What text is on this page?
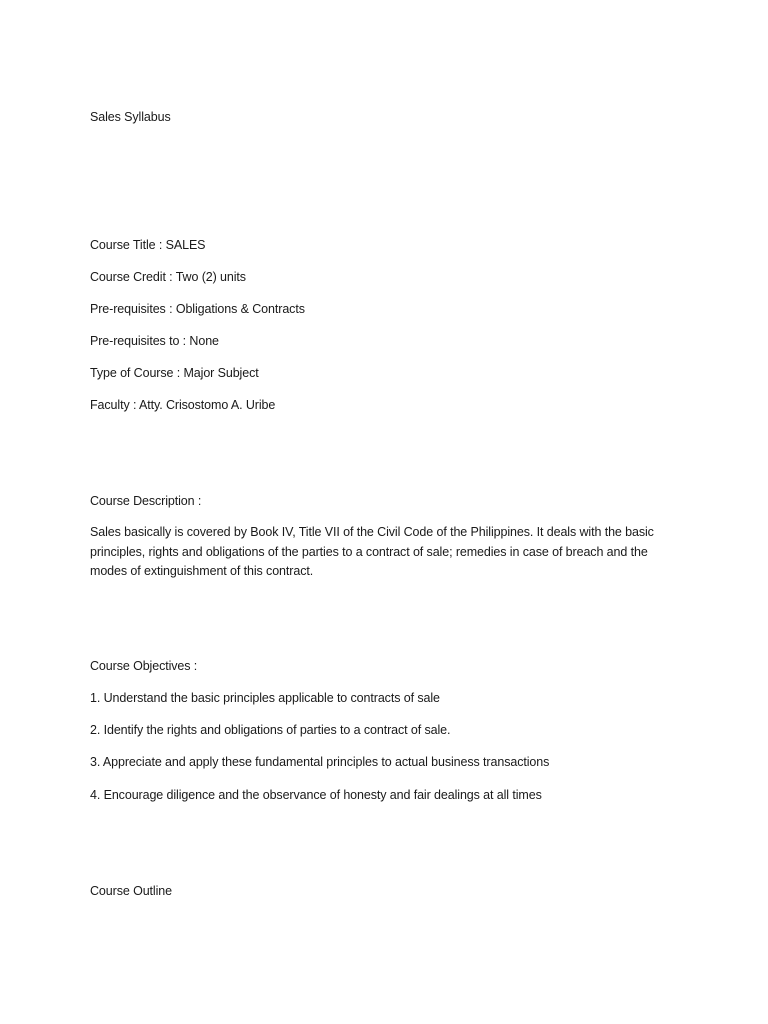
Sales Syllabus
Course Title : SALES
Course Credit : Two (2) units
Pre-requisites : Obligations & Contracts
Pre-requisites to : None
Type of Course : Major Subject
Faculty : Atty. Crisostomo A. Uribe
Course Description :
Sales basically is covered by Book IV, Title VII of the Civil Code of the Philippines. It deals with the basic
principles, rights and obligations of the parties to a contract of sale; remedies in case of breach and the
modes of extinguishment of this contract.
Course Objectives :
1. Understand the basic principles applicable to contracts of sale
2. Identify the rights and obligations of parties to a contract of sale.
3. Appreciate and apply these fundamental principles to actual business transactions
4. Encourage diligence and the observance of honesty and fair dealings at all times
Course Outline
